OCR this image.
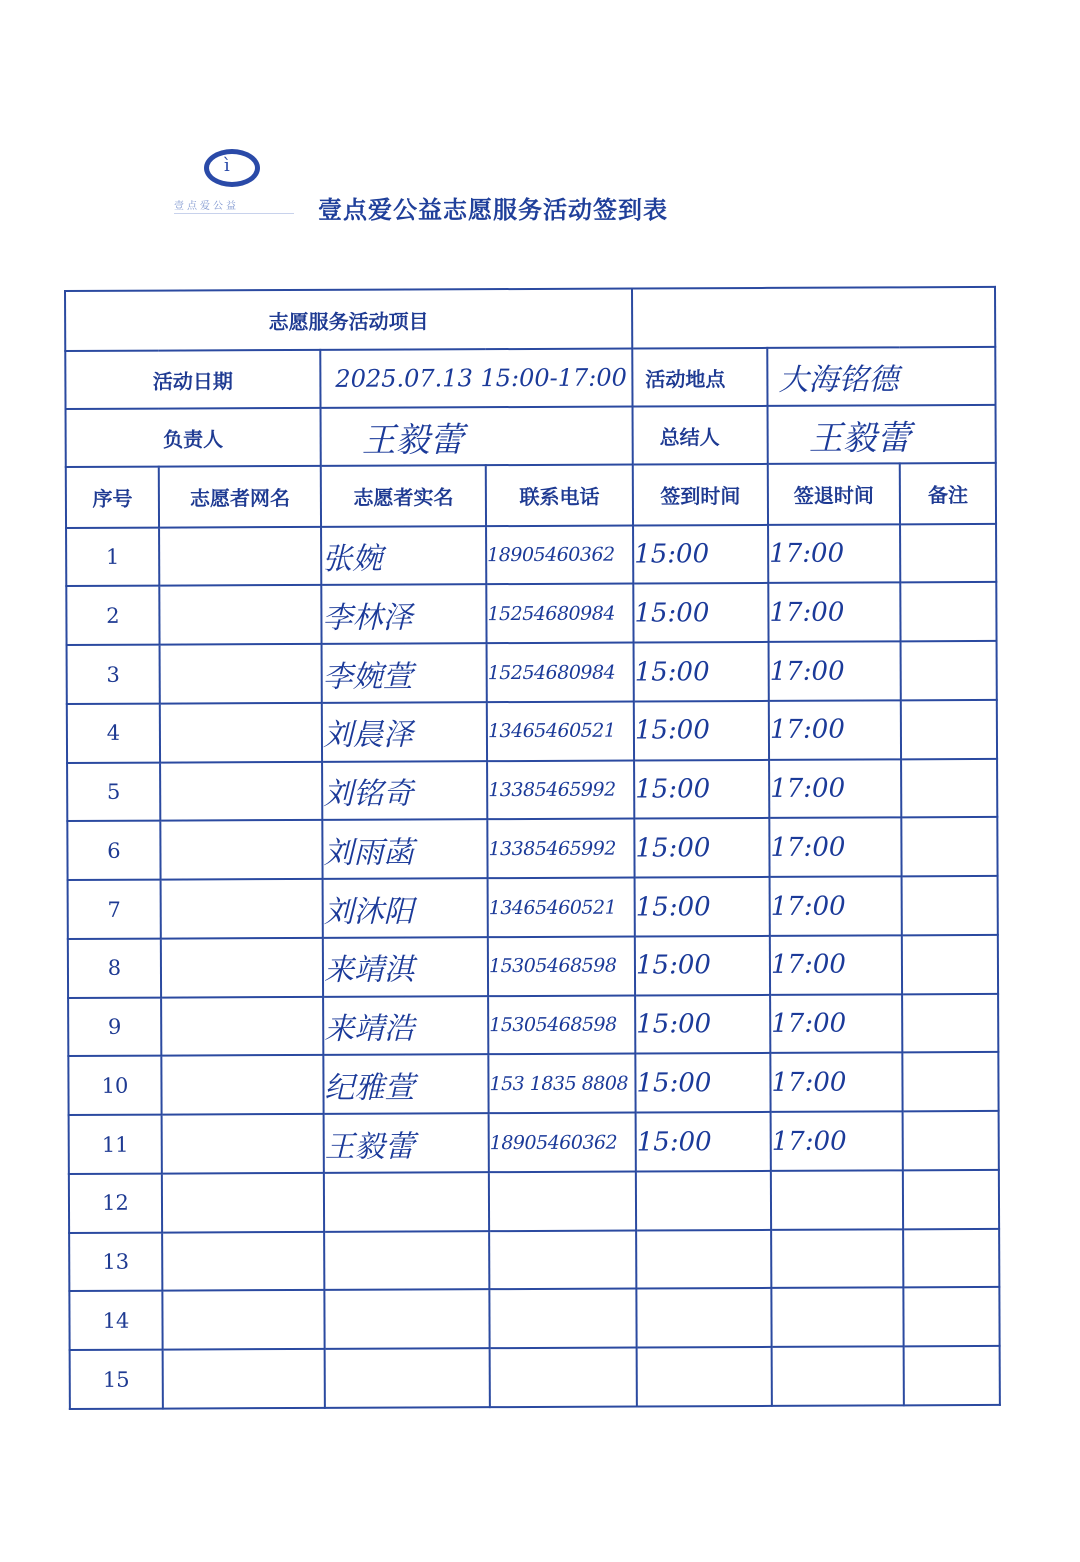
ì
壹点爱公益	壹点爱公益志愿服务活动签到表
志愿服务活动项目						
活动日期		2025.07.13 15:00-17:00		活动地点	大海铭德	
负责人		王毅蕾		总结人	王毅蕾	
序号	志愿者网名	志愿者实名	联系电话	签到时间	签退时间	备注
1		张婉	18905460362	15:00	17:00	
2		李林泽	15254680984	15:00	17:00	
3		李婉萱	15254680984	15:00	17:00	
4		刘晨泽	13465460521	15:00	17:00	
5		刘铭奇	13385465992	15:00	17:00	
6		刘雨菡	13385465992	15:00	17:00	
7		刘沐阳	13465460521	15:00	17:00	
8		来靖淇	15305468598	15:00	17:00	
9		来靖浩	15305468598	15:00	17:00	
10		纪雅萱	153 1835 8808	15:00	17:00	
11		王毅蕾	18905460362	15:00	17:00	
12						
13						
14						
15						
